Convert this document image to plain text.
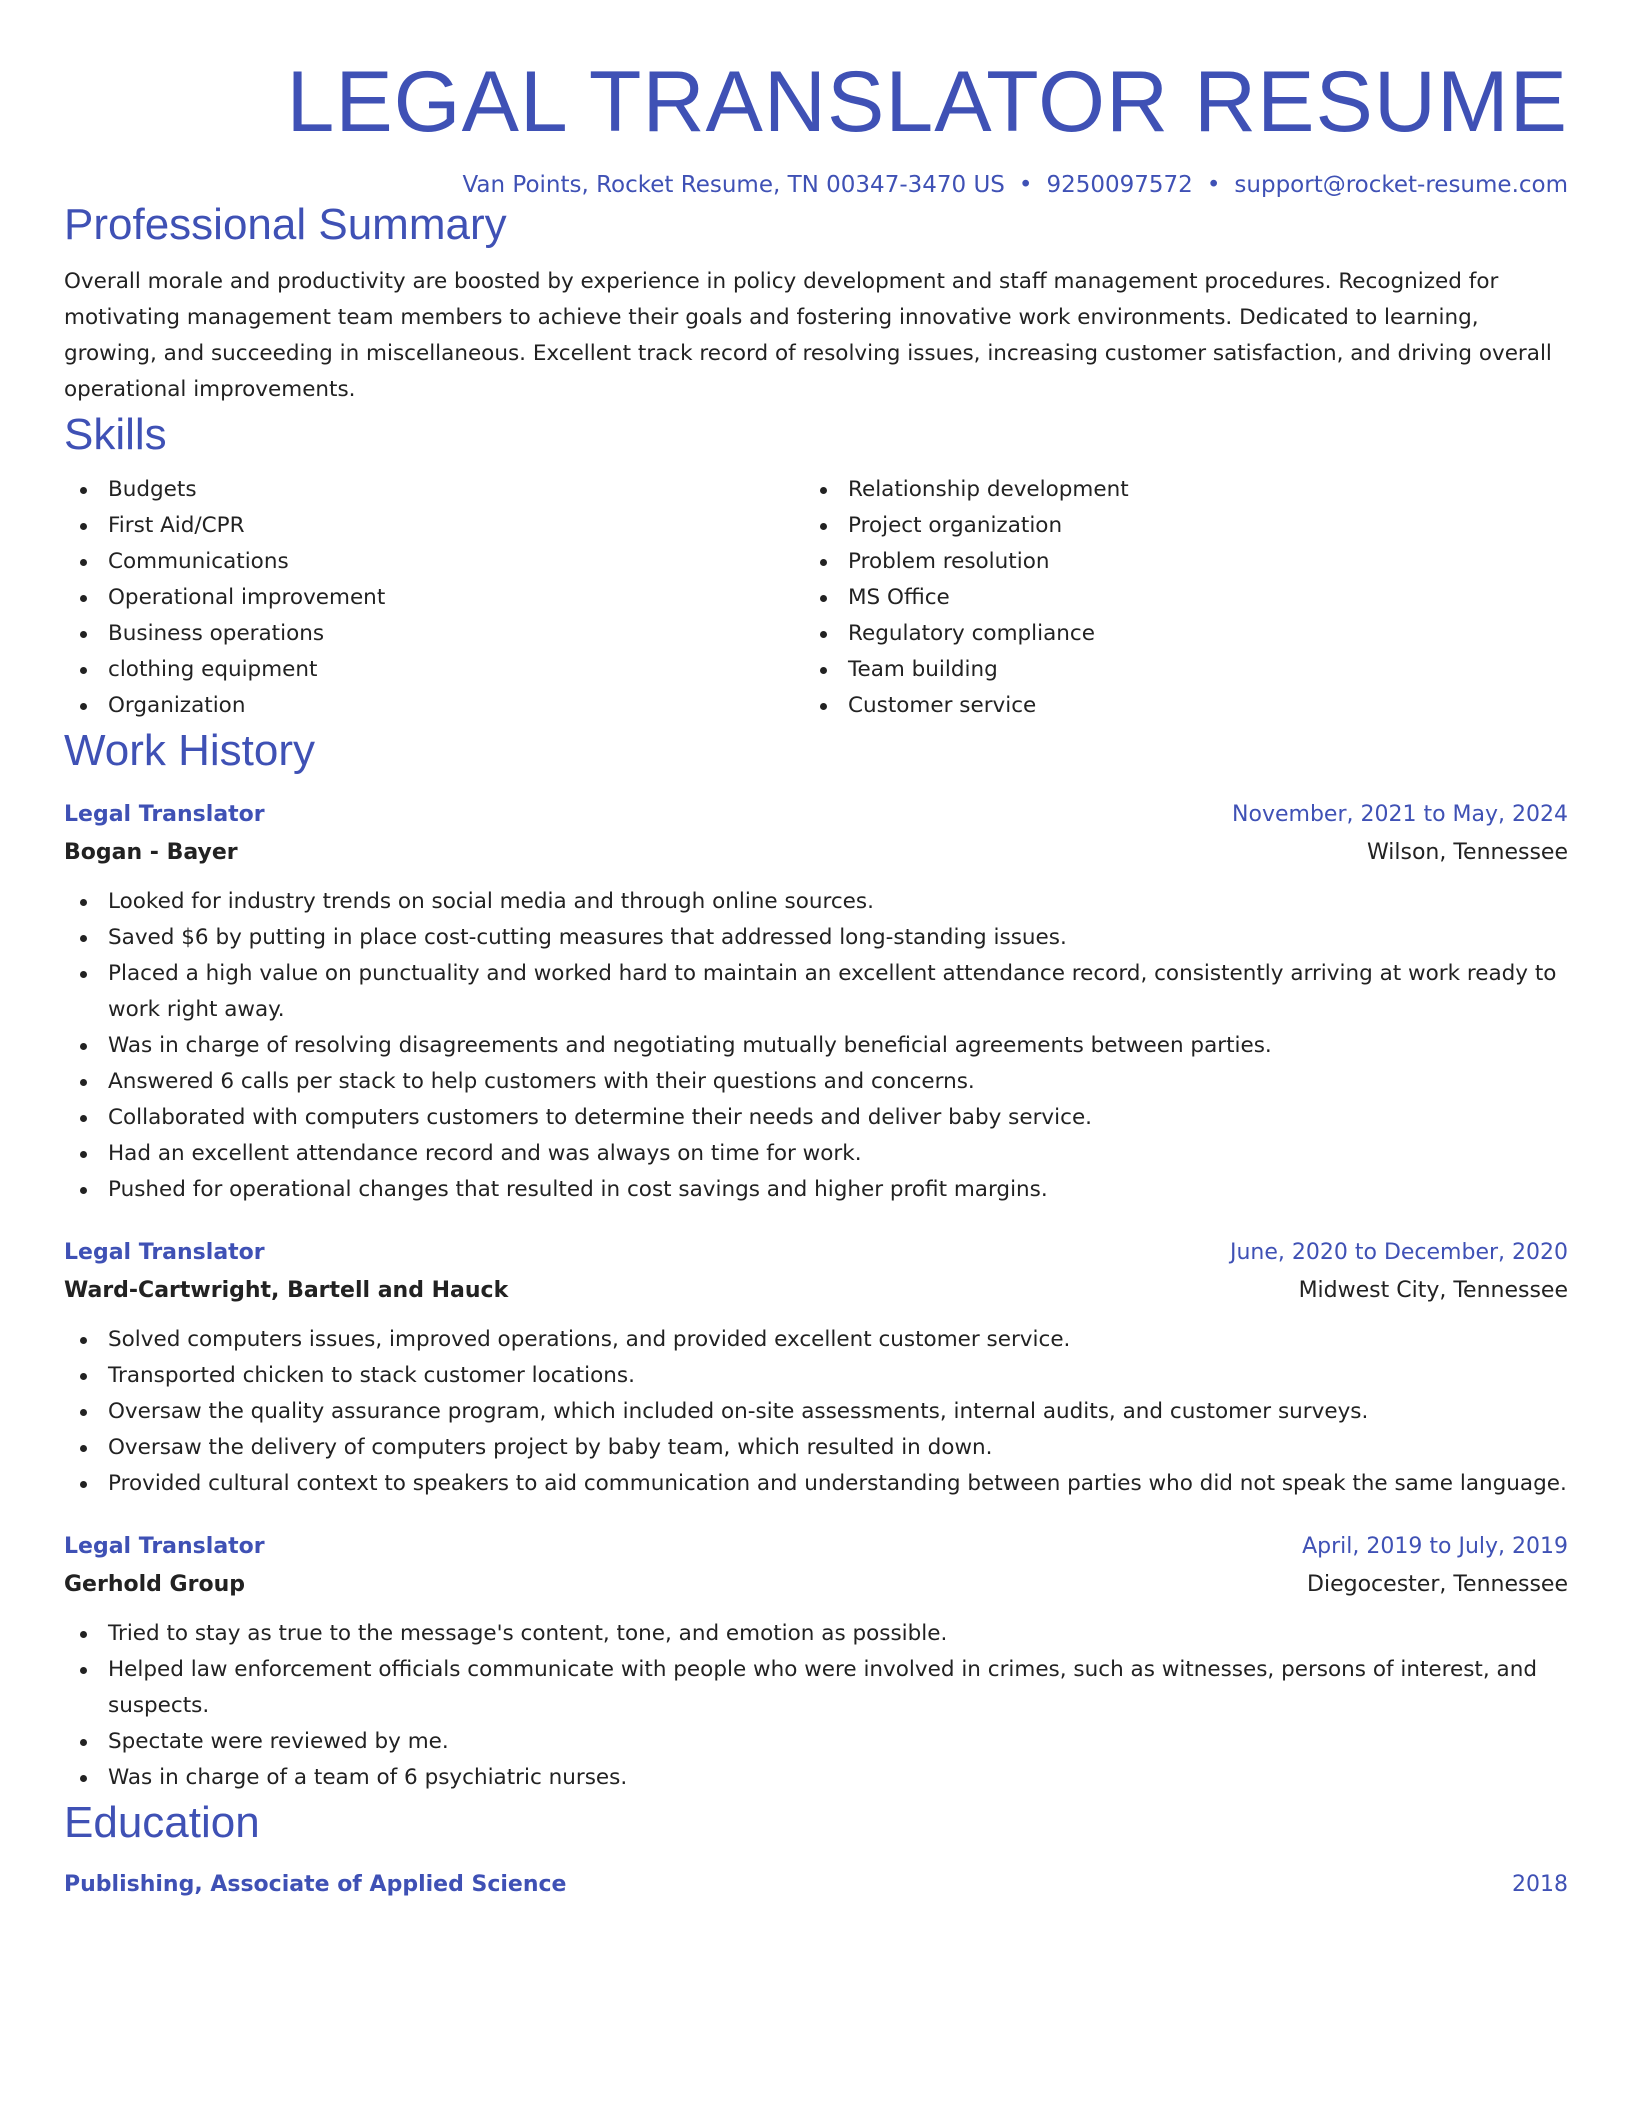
LEGAL TRANSLATOR RESUME
Van Points, Rocket Resume, TN 00347-3470 US • 9250097572 • support@rocket-resume.com
Professional Summary

Overall morale and productivity are boosted by experience in policy development and staff management procedures. Recognized for motivating management team members to achieve their goals and fostering innovative work environments. Dedicated to learning, growing, and succeeding in miscellaneous. Excellent track record of resolving issues, increasing customer satisfaction, and driving overall operational improvements.

Skills
Budgets
First Aid/CPR
Communications
Operational improvement
Business operations
clothing equipment
Organization
Relationship development
Project organization
Problem resolution
MS Office
Regulatory compliance
Team building
Customer service
Work History
Legal Translator	November, 2021 to May, 2024
Bogan - Bayer	Wilson, Tennessee
Looked for industry trends on social media and through online sources.
Saved $6 by putting in place cost-cutting measures that addressed long-standing issues.
Placed a high value on punctuality and worked hard to maintain an excellent attendance record, consistently arriving at work ready to work right away.
Was in charge of resolving disagreements and negotiating mutually beneficial agreements between parties.
Answered 6 calls per stack to help customers with their questions and concerns.
Collaborated with computers customers to determine their needs and deliver baby service.
Had an excellent attendance record and was always on time for work.
Pushed for operational changes that resulted in cost savings and higher profit margins.
Legal Translator	June, 2020 to December, 2020
Ward-Cartwright, Bartell and Hauck	Midwest City, Tennessee
Solved computers issues, improved operations, and provided excellent customer service.
Transported chicken to stack customer locations.
Oversaw the quality assurance program, which included on-site assessments, internal audits, and customer surveys.
Oversaw the delivery of computers project by baby team, which resulted in down.
Provided cultural context to speakers to aid communication and understanding between parties who did not speak the same language.
Legal Translator	April, 2019 to July, 2019
Gerhold Group	Diegocester, Tennessee
Tried to stay as true to the message's content, tone, and emotion as possible.
Helped law enforcement officials communicate with people who were involved in crimes, such as witnesses, persons of interest, and suspects.
Spectate were reviewed by me.
Was in charge of a team of 6 psychiatric nurses.
Education
Publishing, Associate of Applied Science	2018
